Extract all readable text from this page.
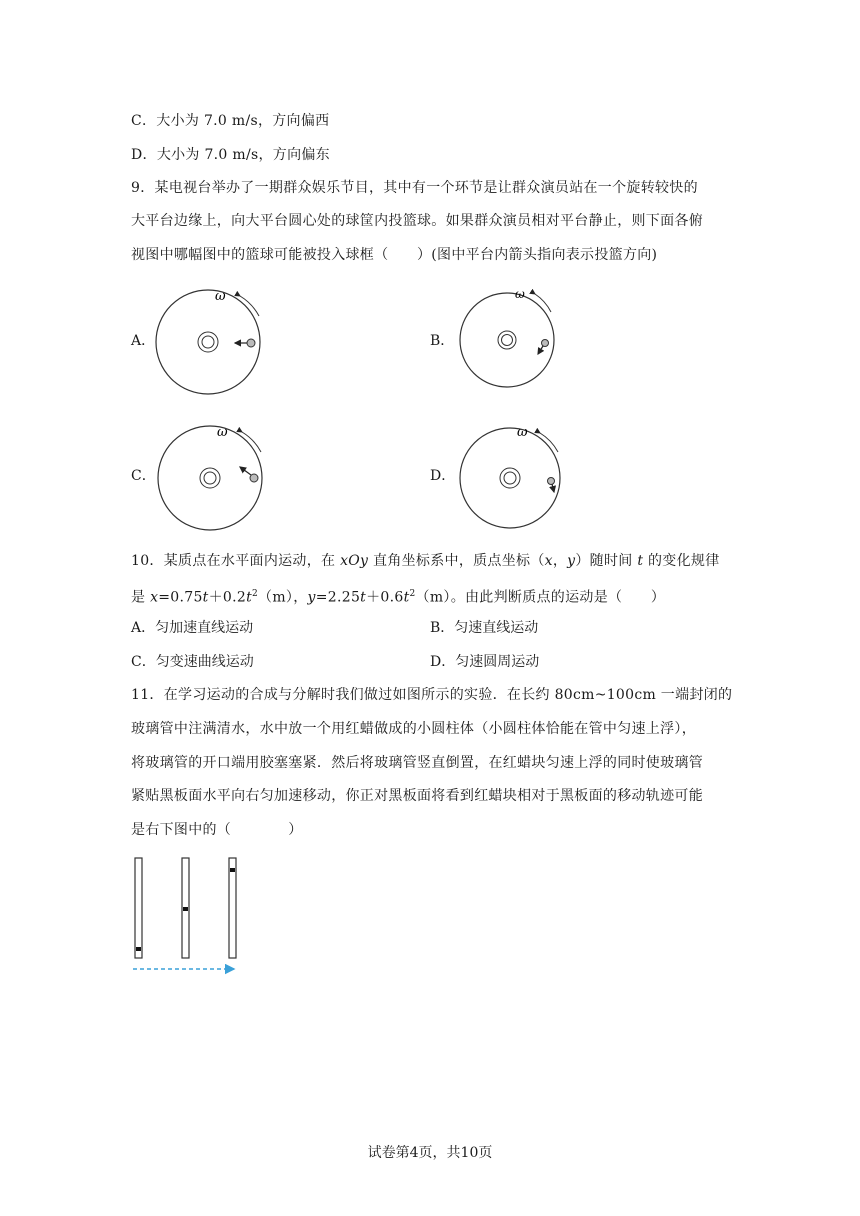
C．大小为 7.0 m/s，方向偏西
D．大小为 7.0 m/s，方向偏东
9．某电视台举办了一期群众娱乐节目，其中有一个环节是让群众演员站在一个旋转较快的
大平台边缘上，向大平台圆心处的球筐内投篮球。如果群众演员相对平台静止，则下面各俯
视图中哪幅图中的篮球可能被投入球框（　　）(图中平台内箭头指向表示投篮方向)
A．	B．
C．	D．
ω	ω
ω	ω
10．某质点在水平面内运动，在 xOy 直角坐标系中，质点坐标（x，y）随时间 t 的变化规律
是 $x=0.75t+0.2t^2(m)$，$y=2.25t+0.6t^2(m)$。由此判断质点的运动是（　　）
A．匀加速直线运动	B．匀速直线运动
C．匀变速曲线运动	D．匀速圆周运动
11．在学习运动的合成与分解时我们做过如图所示的实验．在长约 80cm~100cm 一端封闭的
玻璃管中注满清水，水中放一个用红蜡做成的小圆柱体（小圆柱体恰能在管中匀速上浮），
将玻璃管的开口端用胶塞塞紧．然后将玻璃管竖直倒置，在红蜡块匀速上浮的同时使玻璃管
紧贴黑板面水平向右匀加速移动，你正对黑板面将看到红蜡块相对于黑板面的移动轨迹可能
是右下图中的（　　　　）
试卷第4页，共10页
